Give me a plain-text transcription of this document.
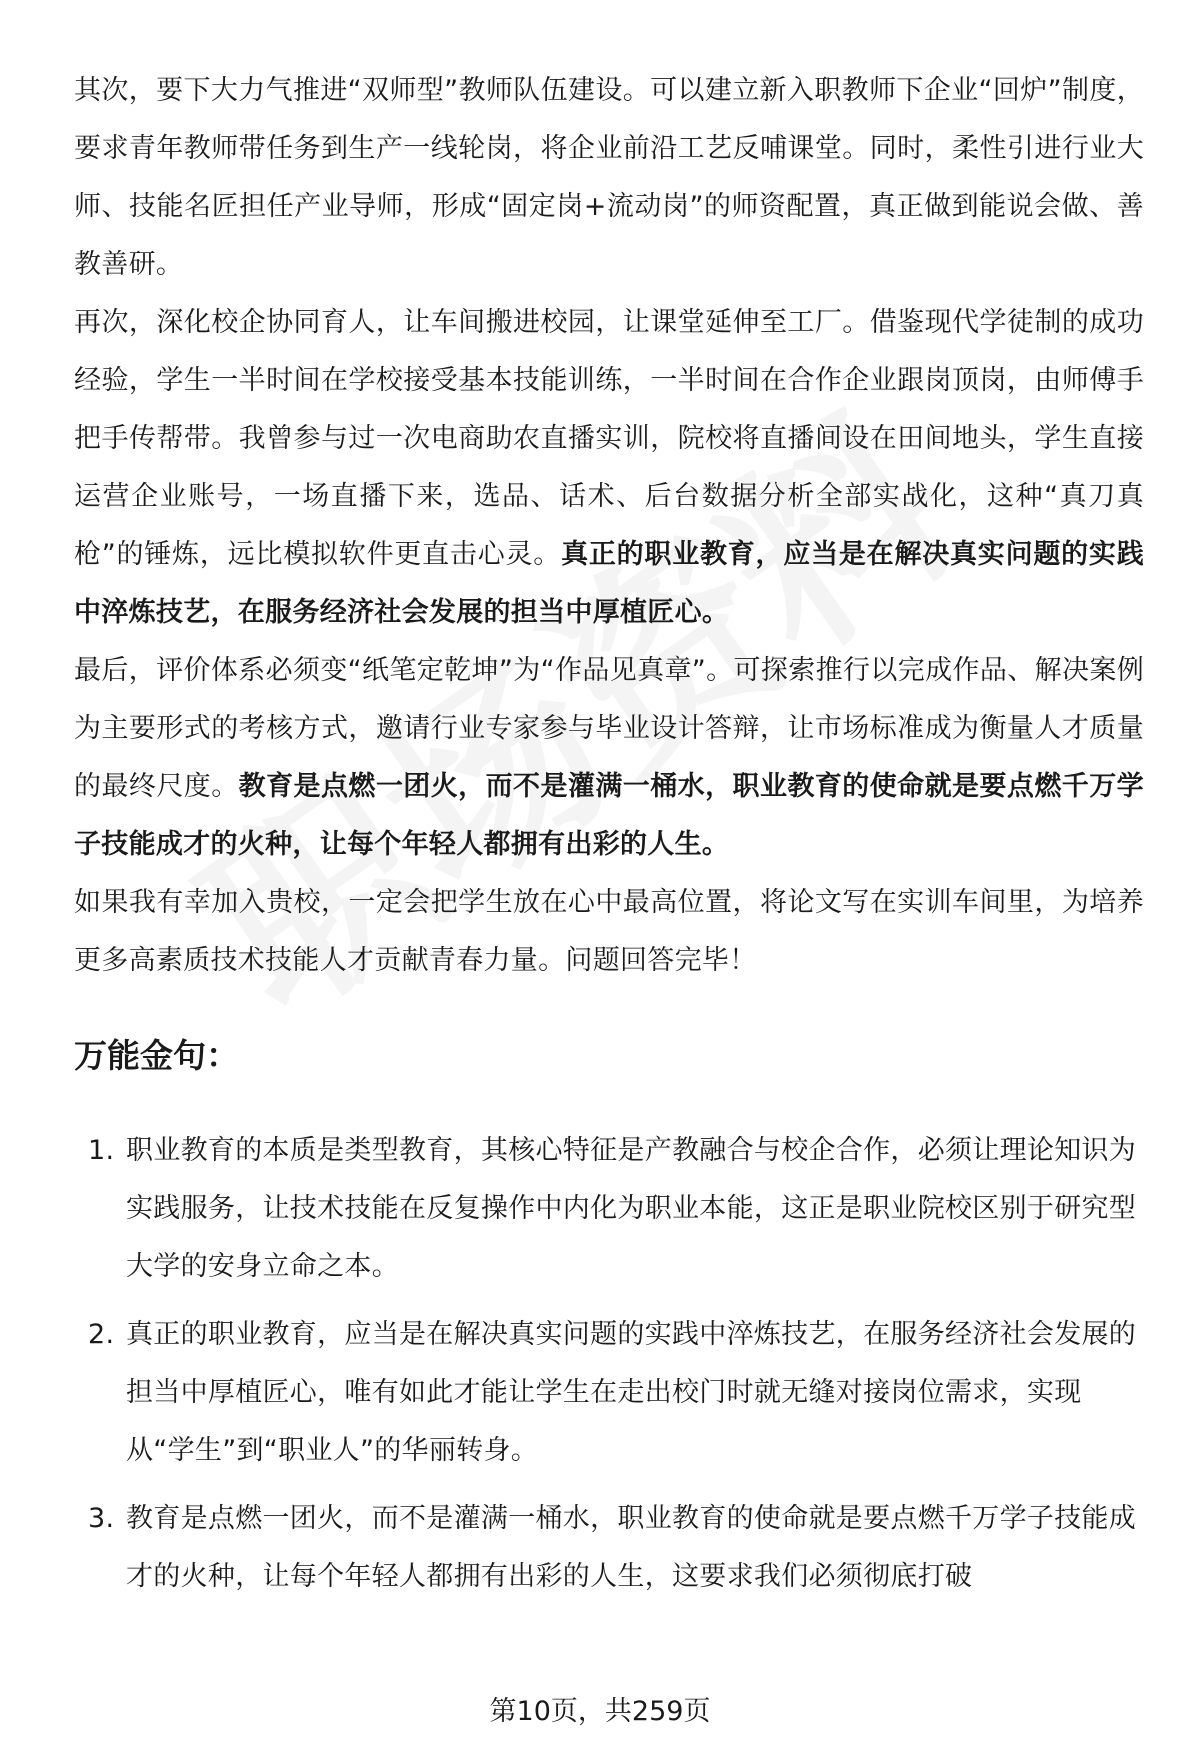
其次，要下大力气推进“双师型”教师队伍建设。可以建立新入职教师下企业“回炉”制度，要求青年教师带任务到生产一线轮岗，将企业前沿工艺反哺课堂。同时，柔性引进行业大师、技能名匠担任产业导师，形成“固定岗+流动岗”的师资配置，真正做到能说会做、善教善研。

再次，深化校企协同育人，让车间搬进校园，让课堂延伸至工厂。借鉴现代学徒制的成功经验，学生一半时间在学校接受基本技能训练，一半时间在合作企业跟岗顶岗，由师傅手把手传帮带。我曾参与过一次电商助农直播实训，院校将直播间设在田间地头，学生直接运营企业账号，一场直播下来，选品、话术、后台数据分析全部实战化，这种“真刀真枪”的锤炼，远比模拟软件更直击心灵。真正的职业教育，应当是在解决真实问题的实践中淬炼技艺，在服务经济社会发展的担当中厚植匠心。

最后，评价体系必须变“纸笔定乾坤”为“作品见真章”。可探索推行以完成作品、解决案例为主要形式的考核方式，邀请行业专家参与毕业设计答辩，让市场标准成为衡量人才质量的最终尺度。教育是点燃一团火，而不是灌满一桶水，职业教育的使命就是要点燃千万学子技能成才的火种，让每个年轻人都拥有出彩的人生。
如果我有幸加入贵校，一定会把学生放在心中最高位置，将论文写在实训车间里，为培养更多高素质技术技能人才贡献青春力量。问题回答完毕！

万能金句：
1. 职业教育的本质是类型教育，其核心特征是产教融合与校企合作，必须让理论知识为实践服务，让技术技能在反复操作中内化为职业本能，这正是职业院校区别于研究型大学的安身立命之本。
2. 真正的职业教育，应当是在解决真实问题的实践中淬炼技艺，在服务经济社会发展的担当中厚植匠心，唯有如此才能让学生在走出校门时就无缝对接岗位需求，实现从“学生”到“职业人”的华丽转身。
3. 教育是点燃一团火，而不是灌满一桶水，职业教育的使命就是要点燃千万学子技能成才的火种，让每个年轻人都拥有出彩的人生，这要求我们必须彻底打破
第10页，共259页
